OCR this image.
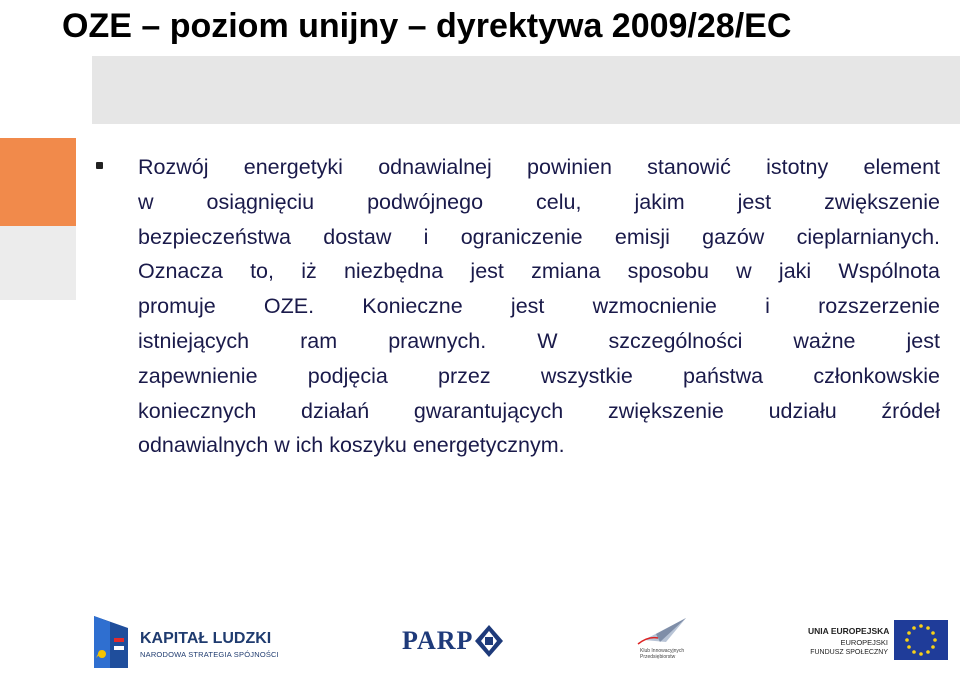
OZE – poziom unijny – dyrektywa 2009/28/EC
Rozwój energetyki odnawialnej powinien stanowić istotny element
w osiągnięciu podwójnego celu, jakim jest zwiększenie
bezpieczeństwa dostaw i ograniczenie emisji gazów cieplarnianych.
Oznacza to, iż niezbędna jest zmiana sposobu w jaki Wspólnota
promuje OZE. Konieczne jest wzmocnienie i rozszerzenie
istniejących ram prawnych. W szczególności ważne jest
zapewnienie podjęcia przez wszystkie państwa członkowskie
koniecznych działań gwarantujących zwiększenie udziału źródeł
odnawialnych w ich koszyku energetycznym.
KAPITAŁ LUDZKI
NARODOWA STRATEGIA SPÓJNOŚCI	PARP	Klub Innowacyjnych Przedsiębiorstw
UNIA EUROPEJSKA
EUROPEJSKI
FUNDUSZ SPOŁECZNY
